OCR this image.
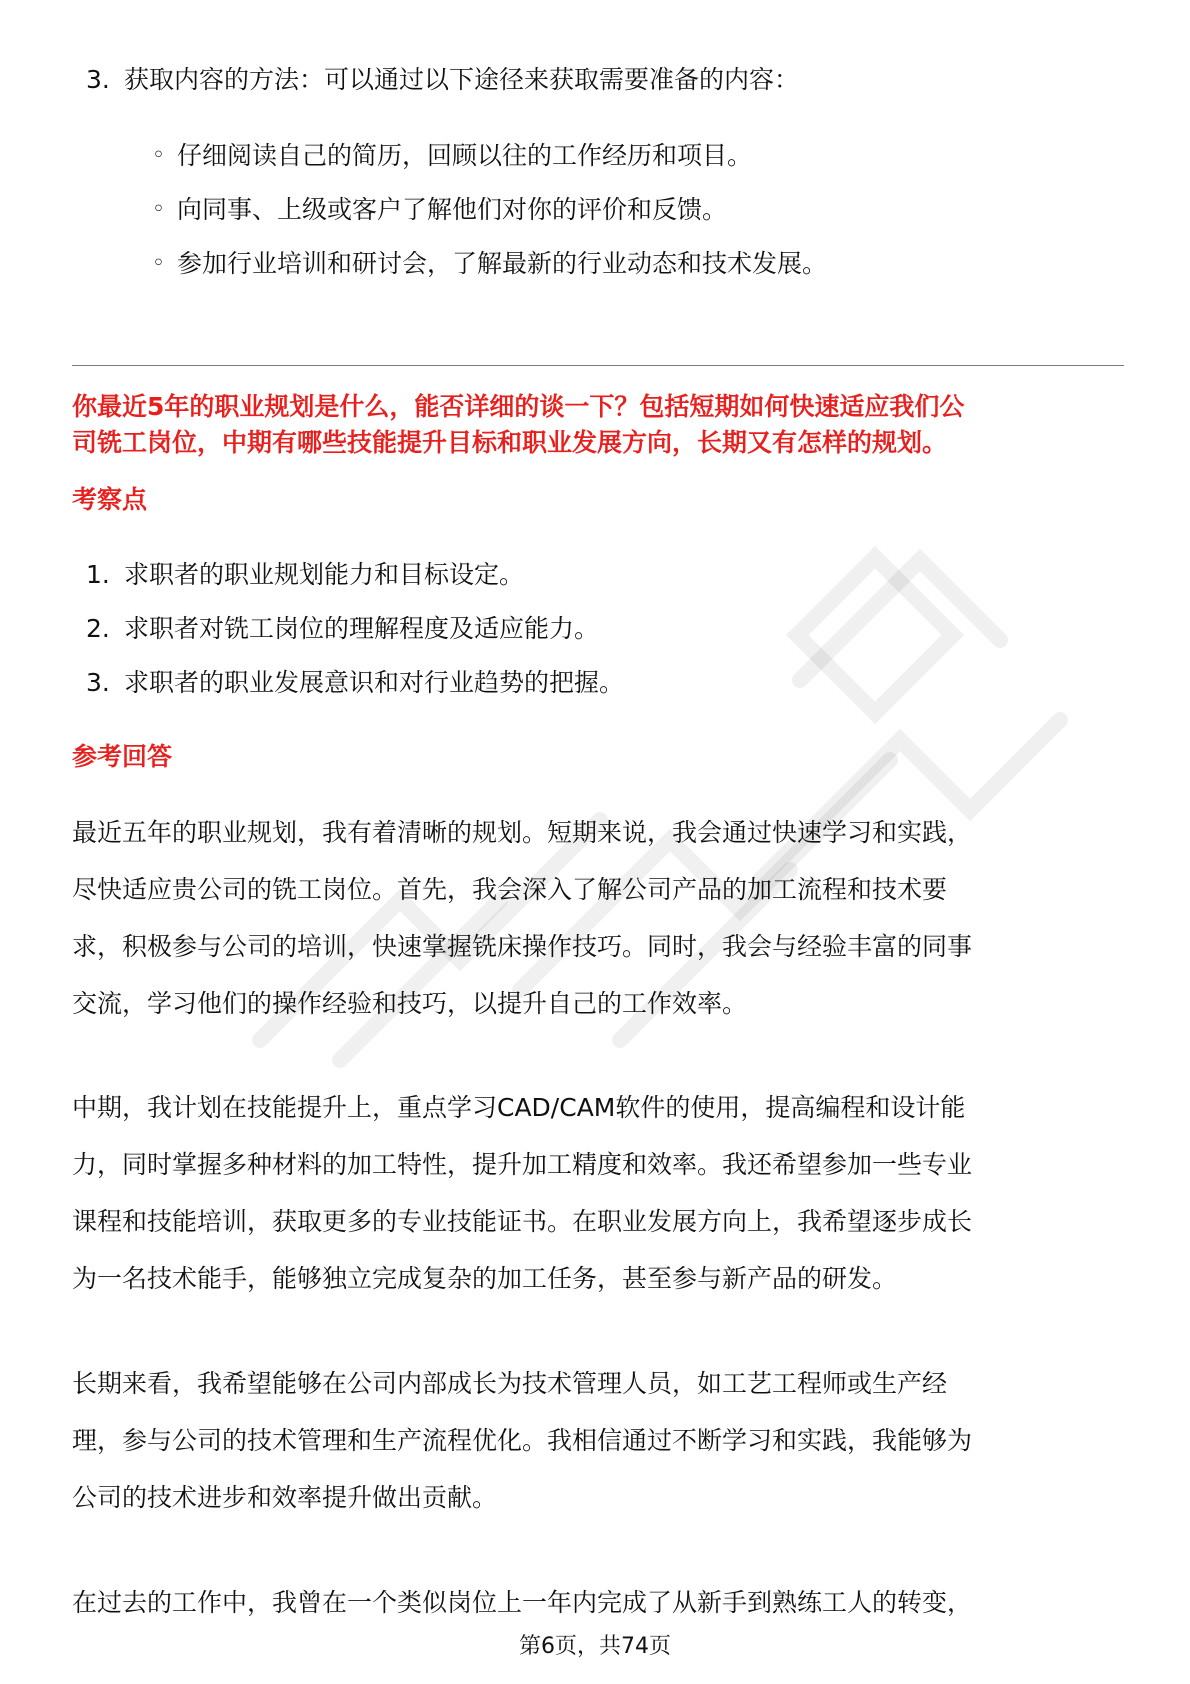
3. 获取内容的方法：可以通过以下途径来获取需要准备的内容：

◦ 仔细阅读自己的简历，回顾以往的工作经历和项目。

◦ 向同事、上级或客户了解他们对你的评价和反馈。

◦ 参加行业培训和研讨会，了解最新的行业动态和技术发展。

你最近5年的职业规划是什么，能否详细的谈一下？包括短期如何快速适应我们公

司铣工岗位，中期有哪些技能提升目标和职业发展方向，长期又有怎样的规划。

考察点

1. 求职者的职业规划能力和目标设定。

2. 求职者对铣工岗位的理解程度及适应能力。

3. 求职者的职业发展意识和对行业趋势的把握。

参考回答

最近五年的职业规划，我有着清晰的规划。短期来说，我会通过快速学习和实践，

尽快适应贵公司的铣工岗位。首先，我会深入了解公司产品的加工流程和技术要

求，积极参与公司的培训，快速掌握铣床操作技巧。同时，我会与经验丰富的同事

交流，学习他们的操作经验和技巧，以提升自己的工作效率。

中期，我计划在技能提升上，重点学习CAD/CAM软件的使用，提高编程和设计能

力，同时掌握多种材料的加工特性，提升加工精度和效率。我还希望参加一些专业

课程和技能培训，获取更多的专业技能证书。在职业发展方向上，我希望逐步成长

为一名技术能手，能够独立完成复杂的加工任务，甚至参与新产品的研发。

长期来看，我希望能够在公司内部成长为技术管理人员，如工艺工程师或生产经

理，参与公司的技术管理和生产流程优化。我相信通过不断学习和实践，我能够为

公司的技术进步和效率提升做出贡献。

在过去的工作中，我曾在一个类似岗位上一年内完成了从新手到熟练工人的转变，

第6页，共74页
